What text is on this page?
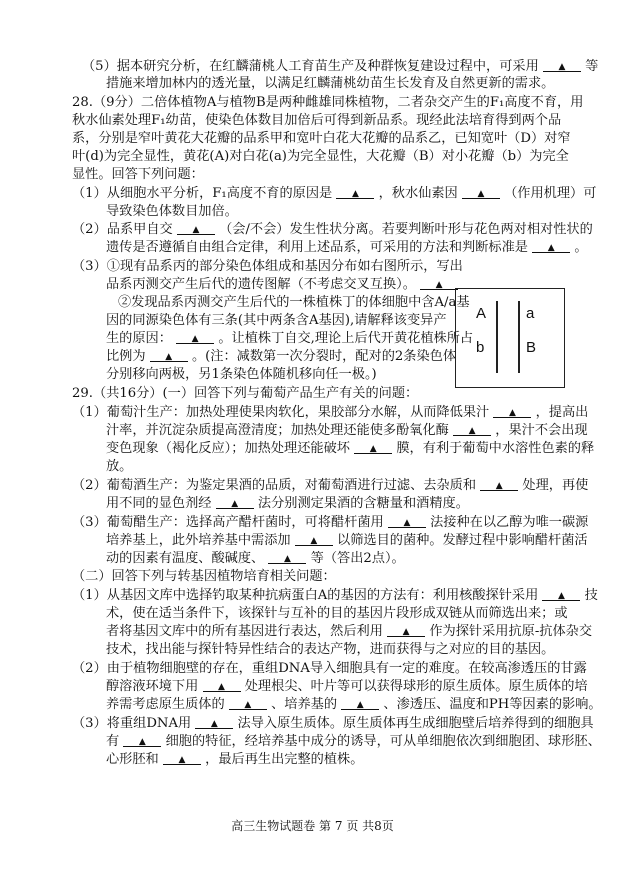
（5）据本研究分析，在红麟蒲桃人工育苗生产及种群恢复建设过程中，可采用 ▲	等
措施来增加林内的透光量，以满足红麟蒲桃幼苗生长发育及自然更新的需求。
28.（9分）二倍体植物A与植物B是两种雌雄同株植物，二者杂交产生的F₁高度不育，用
秋水仙素处理F₁幼苗，使染色体数目加倍后可得到新品系。现经此法培育得到两个品
系，分别是窄叶黄花大花瓣的品系甲和宽叶白花大花瓣的品系乙，已知宽叶（D）对窄
叶(d)为完全显性，黄花(A)对白花(a)为完全显性，大花瓣（B）对小花瓣（b）为完全
显性。回答下列问题：
（1）从细胞水平分析，F₁高度不育的原因是 ▲	，秋水仙素因 ▲	（作用机理）可
导致染色体数目加倍。
（2）品系甲自交 ▲	（会/不会）发生性状分离。若要判断叶形与花色两对相对性状的
遗传是否遵循自由组合定律，利用上述品系，可采用的方法和判断标准是 ▲	。
（3）①现有品系丙的部分染色体组成和基因分布如右图所示，写出
品系丙测交产生后代的遗传图解（不考虑交叉互换）。  ▲
②发现品系丙测交产生后代的一株植株丁的体细胞中含A/a基
因的同源染色体有三条(其中两条含A基因),请解释该变异产
生的原因： ▲	。让植株丁自交,理论上后代开黄花植株所占
比例为 ▲	。(注：减数第一次分裂时，配对的2条染色体
分别移向两极，另1条染色体随机移向任一极。)
29.（共16分）(一）回答下列与葡萄产品生产有关的问题：
（1）葡萄汁生产：加热处理使果肉软化，果胶部分水解，从而降低果汁 ▲	，提高出
汁率，并沉淀杂质提高澄清度；加热处理还能使多酚氧化酶 ▲	，果汁不会出现
变色现象（褐化反应）；加热处理还能破坏 ▲	膜，有利于葡萄中水溶性色素的释
放。
（2）葡萄酒生产：为鉴定果酒的品质，对葡萄酒进行过滤、去杂质和 ▲	处理，再使
用不同的显色剂经 ▲	法分别测定果酒的含糖量和酒精度。
（3）葡萄醋生产：选择高产醋杆菌时，可将醋杆菌用 ▲	法接种在以乙醇为唯一碳源
培养基上，此外培养基中需添加 ▲	以筛选目的菌种。发酵过程中影响醋杆菌活
动的因素有温度、酸碱度、 ▲	等（答出2点）。
（二）回答下列与转基因植物培育相关问题：
（1）从基因文库中选择钓取某种抗病蛋白A的基因的方法有：利用核酸探针采用 ▲	技
术，使在适当条件下，该探针与互补的目的基因片段形成双链从而筛选出来；或
者将基因文库中的所有基因进行表达，然后利用 ▲	作为探针采用抗原-抗体杂交
技术，找出能与探针特异性结合的表达产物，进而获得与之对应的目的基因。
（2）由于植物细胞壁的存在，重组DNA导入细胞具有一定的难度。在较高渗透压的甘露
醇溶液环境下用 ▲	处理根尖、叶片等可以获得球形的原生质体。原生质体的培
养需考虑原生质体的 ▲	、培养基的 ▲	、渗透压、温度和PH等因素的影响。
（3）将重组DNA用 ▲	法导入原生质体。原生质体再生成细胞壁后培养得到的细胞具
有 ▲	细胞的特征，经培养基中成分的诱导，可从单细胞依次到细胞团、球形胚、
心形胚和 ▲	，最后再生出完整的植株。
A	a
b	B
高三生物试题卷 第 7 页 共8页
